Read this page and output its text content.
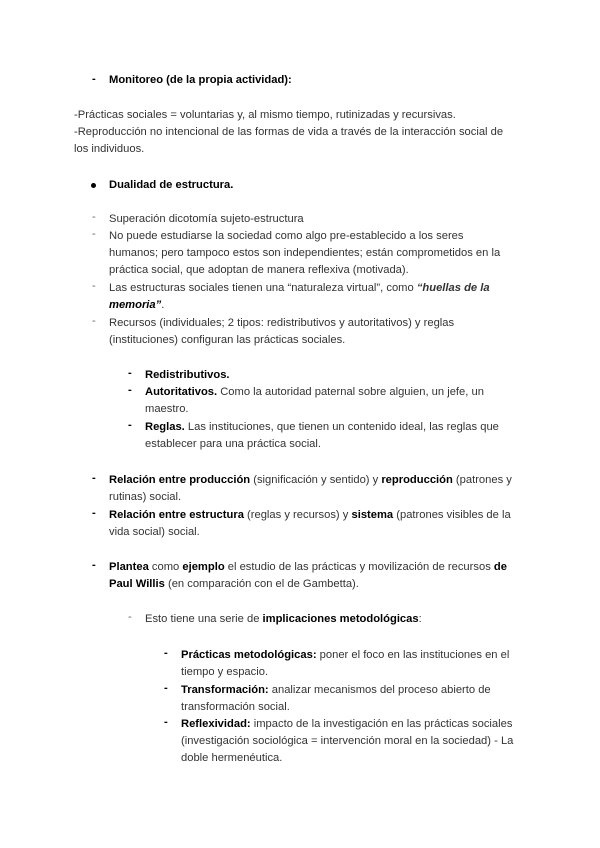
- Monitoreo (de la propia actividad):
-Prácticas sociales = voluntarias y, al mismo tiempo, rutinizadas y recursivas.
-Reproducción no intencional de las formas de vida a través de la interacción social de
los individuos.
Dualidad de estructura.
- Superación dicotomía sujeto-estructura
- No puede estudiarse la sociedad como algo pre-establecido a los seres
humanos; pero tampoco estos son independientes; están comprometidos en la
práctica social, que adoptan de manera reflexiva (motivada).
- Las estructuras sociales tienen una “naturaleza virtual”, como “huellas de la
memoria”.
- Recursos (individuales; 2 tipos: redistributivos y autoritativos) y reglas
(instituciones) configuran las prácticas sociales.
- Redistributivos.
- Autoritativos. Como la autoridad paternal sobre alguien, un jefe, un
maestro.
- Reglas. Las instituciones, que tienen un contenido ideal, las reglas que
establecer para una práctica social.
- Relación entre producción (significación y sentido) y reproducción (patrones y
rutinas) social.
- Relación entre estructura (reglas y recursos) y sistema (patrones visibles de la
vida social) social.
- Plantea como ejemplo el estudio de las prácticas y movilización de recursos de
Paul Willis (en comparación con el de Gambetta).
- Esto tiene una serie de implicaciones metodológicas:
- Prácticas metodológicas: poner el foco en las instituciones en el
tiempo y espacio.
- Transformación: analizar mecanismos del proceso abierto de
transformación social.
- Reflexividad: impacto de la investigación en las prácticas sociales
(investigación sociológica = intervención moral en la sociedad) - La
doble hermenéutica.
